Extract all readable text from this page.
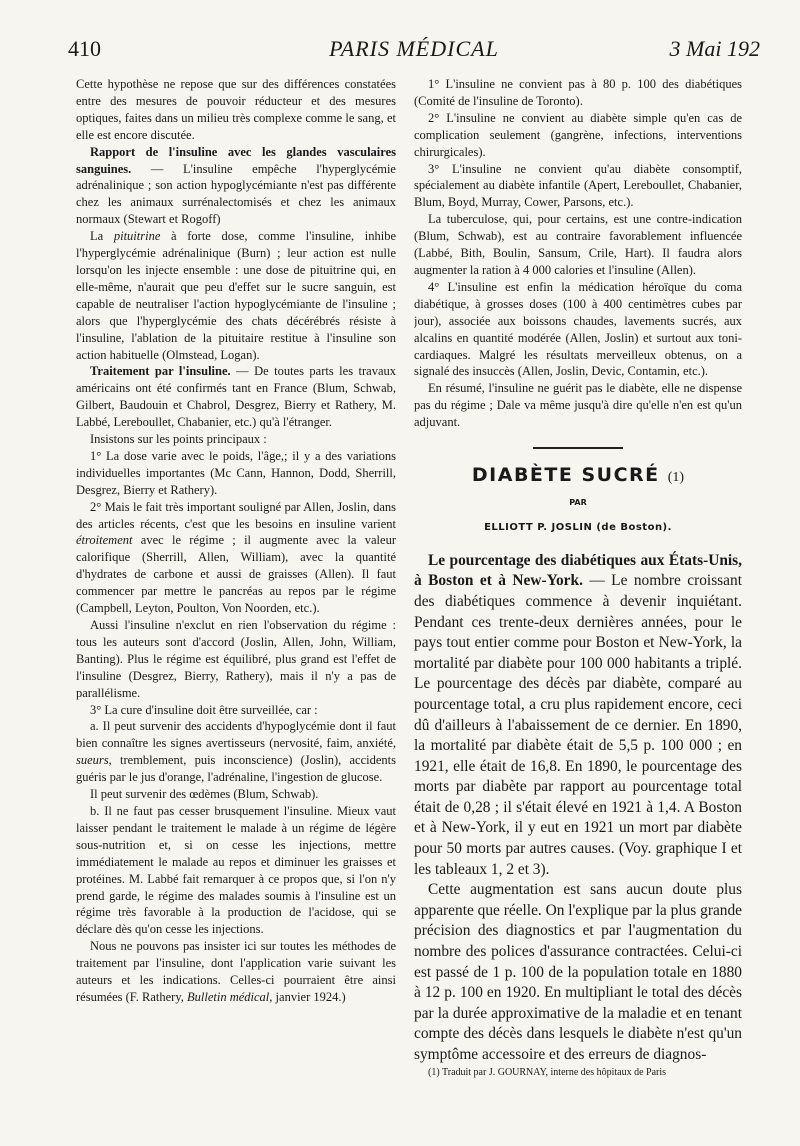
410	PARIS MÉDICAL	3 Mai 192

Cette hypothèse ne repose que sur des différences constatées entre des mesures de pouvoir réducteur et des mesures optiques, faites dans un milieu très complexe comme le sang, et elle est encore discutée.

Rapport de l'insuline avec les glandes vasculaires sanguines. — L'insuline empêche l'hyperglycémie adrénalinique ; son action hypoglycémiante n'est pas différente chez les animaux surrénalectomisés et chez les animaux normaux (Stewart et Rogoff)

La pituitrine à forte dose, comme l'insuline, inhibe l'hyperglycémie adrénalinique (Burn) ; leur action est nulle lorsqu'on les injecte ensemble : une dose de pituitrine qui, en elle-même, n'aurait que peu d'effet sur le sucre sanguin, est capable de neutraliser l'action hypoglycémiante de l'insuline ; alors que l'hyperglycémie des chats décérébrés résiste à l'insuline, l'ablation de la pituitaire restitue à l'insuline son action habituelle (Olmstead, Logan).

Traitement par l'insuline. — De toutes parts les travaux américains ont été confirmés tant en France (Blum, Schwab, Gilbert, Baudouin et Chabrol, Desgrez, Bierry et Rathery, M. Labbé, Lereboullet, Chabanier, etc.) qu'à l'étranger.

Insistons sur les points principaux :

1° La dose varie avec le poids, l'âge,; il y a des variations individuelles importantes (Mc Cann, Hannon, Dodd, Sherrill, Desgrez, Bierry et Rathery).

2° Mais le fait très important souligné par Allen, Joslin, dans des articles récents, c'est que les besoins en insuline varient étroitement avec le régime ; il augmente avec la valeur calorifique (Sherrill, Allen, William), avec la quantité d'hydrates de carbone et aussi de graisses (Allen). Il faut commencer par mettre le pancréas au repos par le régime (Campbell, Leyton, Poulton, Von Noorden, etc.).

Aussi l'insuline n'exclut en rien l'observation du régime : tous les auteurs sont d'accord (Joslin, Allen, John, William, Banting). Plus le régime est équilibré, plus grand est l'effet de l'insuline (Desgrez, Bierry, Rathery), mais il n'y a pas de parallélisme.

3° La cure d'insuline doit être surveillée, car :

a. Il peut survenir des accidents d'hypoglycémie dont il faut bien connaître les signes avertisseurs (nervosité, faim, anxiété, sueurs, tremblement, puis inconscience) (Joslin), accidents guéris par le jus d'orange, l'adrénaline, l'ingestion de glucose.

Il peut survenir des œdèmes (Blum, Schwab).

b. Il ne faut pas cesser brusquement l'insuline. Mieux vaut laisser pendant le traitement le malade à un régime de légère sous-nutrition et, si on cesse les injections, mettre immédiatement le malade au repos et diminuer les graisses et protéines. M. Labbé fait remarquer à ce propos que, si l'on n'y prend garde, le régime des malades soumis à l'insuline est un régime très favorable à la production de l'acidose, qui se déclare dès qu'on cesse les injections.

Nous ne pouvons pas insister ici sur toutes les méthodes de traitement par l'insuline, dont l'application varie suivant les auteurs et les indications. Celles-ci pourraient être ainsi résumées (F. Rathery, Bulletin médical, janvier 1924.)

1° L'insuline ne convient pas à 80 p. 100 des diabétiques (Comité de l'insuline de Toronto).

2° L'insuline ne convient au diabète simple qu'en cas de complication seulement (gangrène, infections, interventions chirurgicales).

3° L'insuline ne convient qu'au diabète consomptif, spécialement au diabète infantile (Apert, Lereboullet, Chabanier, Blum, Boyd, Murray, Cower, Parsons, etc.).

La tuberculose, qui, pour certains, est une contre-indication (Blum, Schwab), est au contraire favorablement influencée (Labbé, Bith, Boulin, Sansum, Crile, Hart). Il faudra alors augmenter la ration à 4 000 calories et l'insuline (Allen).

4° L'insuline est enfin la médication héroïque du coma diabétique, à grosses doses (100 à 400 centimètres cubes par jour), associée aux boissons chaudes, lavements sucrés, aux alcalins en quantité modérée (Allen, Joslin) et surtout aux toni-cardiaques. Malgré les résultats merveilleux obtenus, on a signalé des insuccès (Allen, Joslin, Devic, Contamin, etc.).

En résumé, l'insuline ne guérit pas le diabète, elle ne dispense pas du régime ; Dale va même jusqu'à dire qu'elle n'en est qu'un adjuvant.

DIABÈTE SUCRÉ (1)
PAR
ELLIOTT P. JOSLIN (de Boston).

Le pourcentage des diabétiques aux États-Unis, à Boston et à New-York. — Le nombre croissant des diabétiques commence à devenir inquiétant. Pendant ces trente-deux dernières années, pour le pays tout entier comme pour Boston et New-York, la mortalité par diabète pour 100 000 habitants a triplé. Le pourcentage des décès par diabète, comparé au pourcentage total, a cru plus rapidement encore, ceci dû d'ailleurs à l'abaissement de ce dernier. En 1890, la mortalité par diabète était de 5,5 p. 100 000 ; en 1921, elle était de 16,8. En 1890, le pourcentage des morts par diabète par rapport au pourcentage total était de 0,28 ; il s'était élevé en 1921 à 1,4. A Boston et à New-York, il y eut en 1921 un mort par diabète pour 50 morts par autres causes. (Voy. graphique I et les tableaux 1, 2 et 3).

Cette augmentation est sans aucun doute plus apparente que réelle. On l'explique par la plus grande précision des diagnostics et par l'augmentation du nombre des polices d'assurance contractées. Celui-ci est passé de 1 p. 100 de la population totale en 1880 à 12 p. 100 en 1920. En multipliant le total des décès par la durée approximative de la maladie et en tenant compte des décès dans lesquels le diabète n'est qu'un symptôme accessoire et des erreurs de diagnos-

(1) Traduit par J. GOURNAY, interne des hôpitaux de Paris
